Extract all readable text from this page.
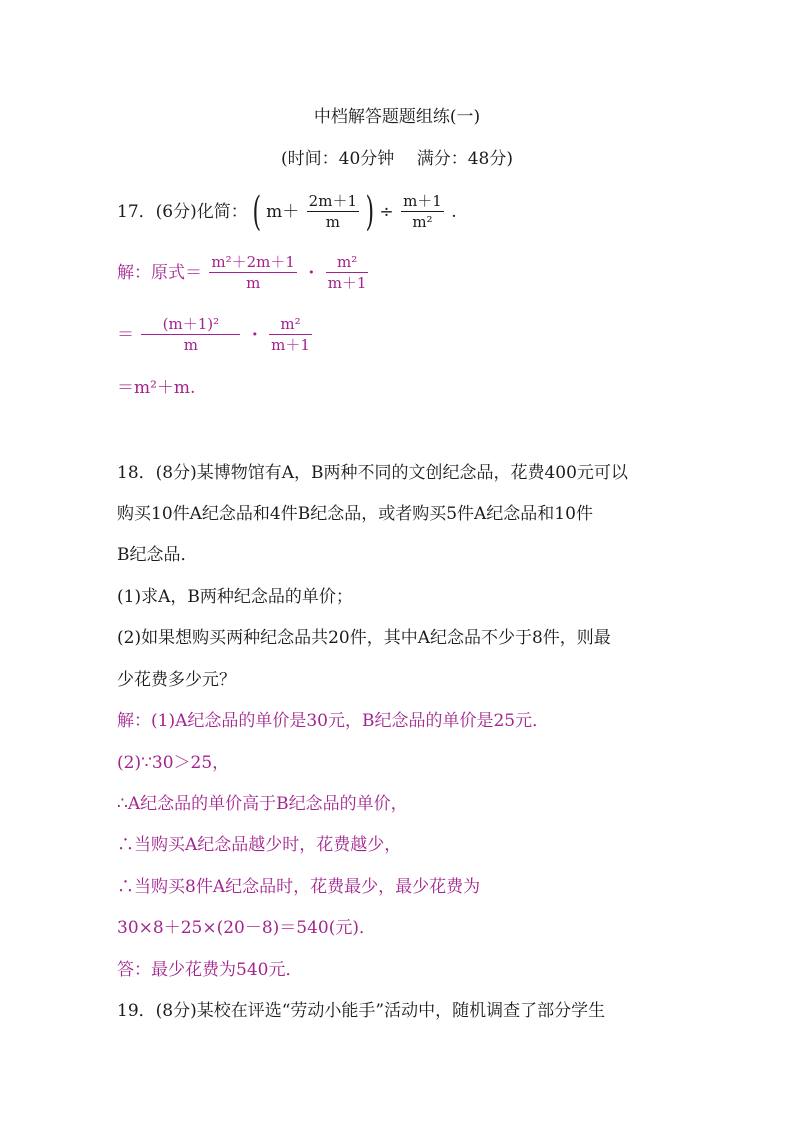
中档解答题题组练(一)
(时间：40分钟　 满分：48分)
17．(6分)化简： ( $m+ \frac{2m+1}{m}$ ) ÷ $\frac{m+1}{\text{m²}}$ .
解：原式＝ $\frac{\text{m²＋2m＋1}}{m} \cdot \frac{\text{m²}}{m+1}$
＝ $\frac{\text{(m＋1)²}}{m} \cdot \frac{\text{m²}}{m+1}$
＝m²＋m.
18．(8分)某博物馆有A，B两种不同的文创纪念品，花费400元可以
购买10件A纪念品和4件B纪念品，或者购买5件A纪念品和10件
B纪念品．
(1)求A，B两种纪念品的单价；
(2)如果想购买两种纪念品共20件，其中A纪念品不少于8件，则最
少花费多少元？
解：(1)A纪念品的单价是30元，B纪念品的单价是25元．
(2)∵30＞25，
∴A纪念品的单价高于B纪念品的单价，
∴当购买A纪念品越少时，花费越少，
∴当购买8件A纪念品时，花费最少，最少花费为
30×8＋25×(20－8)＝540(元)．
答：最少花费为540元．
19．(8分)某校在评选“劳动小能手”活动中，随机调查了部分学生
